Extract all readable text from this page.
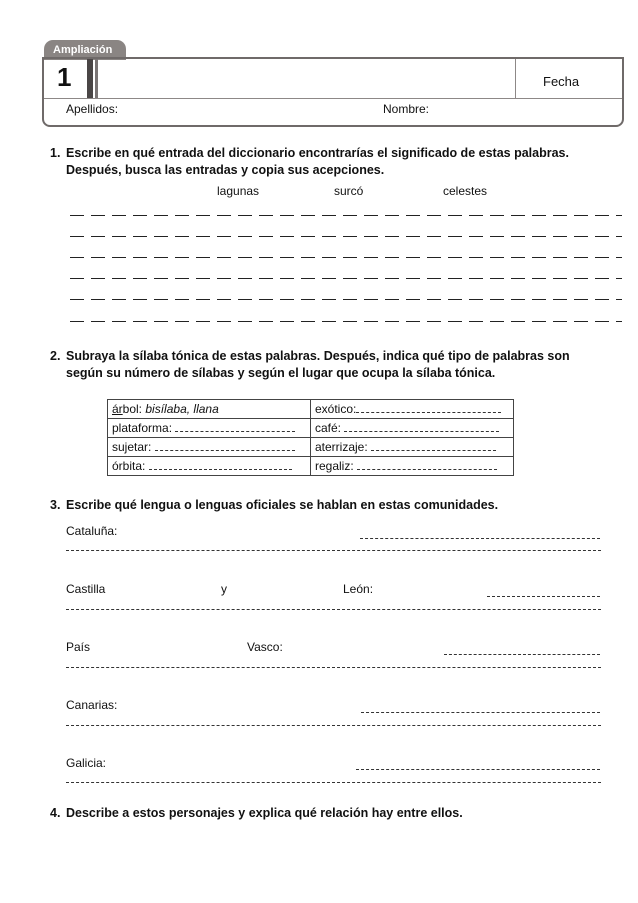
Ampliación
1	Fecha
Apellidos:	Nombre:
1. Escribe en qué entrada del diccionario encontrarías el significado de estas palabras.
Después, busca las entradas y copia sus acepciones.
lagunas	surcó	celestes
2. Subraya la sílaba tónica de estas palabras. Después, indica qué tipo de palabras son
según su número de sílabas y según el lugar que ocupa la sílaba tónica.
árbol: bisílaba, llana	exótico:
plataforma:	café:
sujetar:	aterrizaje:
órbita:	regaliz:
3. Escribe qué lengua o lenguas oficiales se hablan en estas comunidades.
Cataluña:
Castilla	y	León:
País	Vasco:
Canarias:
Galicia:
4. Describe a estos personajes y explica qué relación hay entre ellos.
